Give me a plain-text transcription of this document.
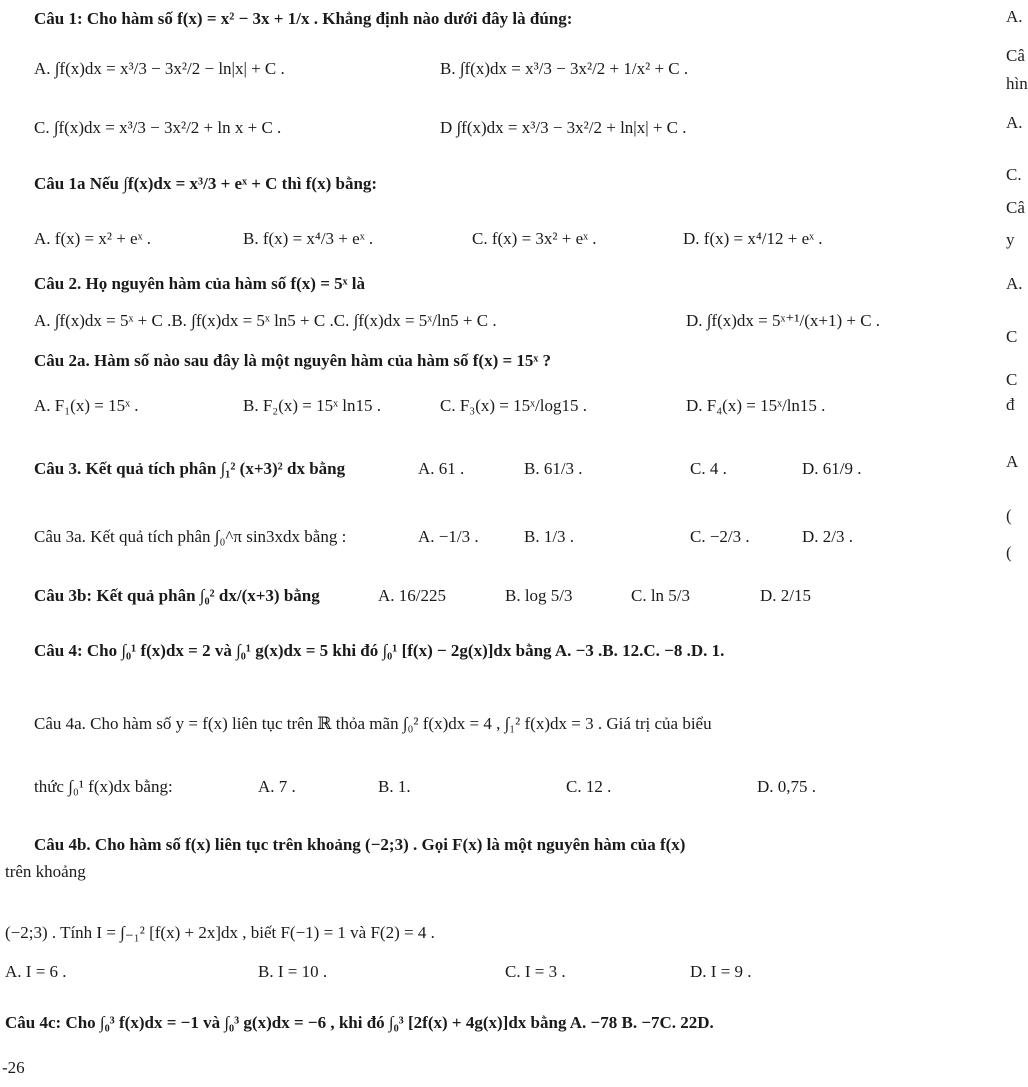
Câu 1: Cho hàm số f(x) = x² − 3x + 1/x . Khẳng định nào dưới đây là đúng:
A. ∫f(x)dx = x³/3 − 3x²/2 − ln|x| + C .	B. ∫f(x)dx = x³/3 − 3x²/2 + 1/x² + C .
C. ∫f(x)dx = x³/3 − 3x²/2 + ln x + C .	D ∫f(x)dx = x³/3 − 3x²/2 + ln|x| + C .
Câu 1a Nếu ∫f(x)dx = x³/3 + eˣ + C thì f(x) bằng:
A. f(x) = x² + eˣ .	B. f(x) = x⁴/3 + eˣ .	C. f(x) = 3x² + eˣ .	D. f(x) = x⁴/12 + eˣ .
Câu 2. Họ nguyên hàm của hàm số f(x) = 5ˣ là
A. ∫f(x)dx = 5ˣ + C .B. ∫f(x)dx = 5ˣ ln5 + C .C. ∫f(x)dx = 5ˣ/ln5 + C .	D. ∫f(x)dx = 5ˣ⁺¹/(x+1) + C .
Câu 2a. Hàm số nào sau đây là một nguyên hàm của hàm số f(x) = 15ˣ ?
A. F₁(x) = 15ˣ .	B. F₂(x) = 15ˣ ln15 .	C. F₃(x) = 15ˣ/log15 .	D. F₄(x) = 15ˣ/ln15 .
Câu 3. Kết quả tích phân ∫₁² (x+3)² dx bằng	A. 61 .	B. 61/3 .	C. 4 .	D. 61/9 .
Câu 3a. Kết quả tích phân ∫₀^π sin3xdx bằng :	A. −1/3 .	B. 1/3 .	C. −2/3 .	D. 2/3 .
Câu 3b: Kết quả phân ∫₀² dx/(x+3) bằng	A. 16/225	B. log 5/3	C. ln 5/3	D. 2/15
Câu 4: Cho ∫₀¹ f(x)dx = 2 và ∫₀¹ g(x)dx = 5 khi đó ∫₀¹ [f(x) − 2g(x)]dx bằng A. −3 .B. 12.C. −8 .D. 1.
Câu 4a. Cho hàm số y = f(x) liên tục trên ℝ thỏa mãn ∫₀² f(x)dx = 4 , ∫₁² f(x)dx = 3 . Giá trị của biểu
thức ∫₀¹ f(x)dx bằng:	A. 7 .	B. 1.	C. 12 .	D. 0,75 .
Câu 4b. Cho hàm số f(x) liên tục trên khoảng (−2;3) . Gọi F(x) là một nguyên hàm của f(x)
trên khoảng
(−2;3) . Tính I = ∫₋₁² [f(x) + 2x]dx , biết F(−1) = 1 và F(2) = 4 .
A. I = 6 .	B. I = 10 .	C. I = 3 .	D. I = 9 .
Câu 4c: Cho ∫₀³ f(x)dx = −1 và ∫₀³ g(x)dx = −6 , khi đó ∫₀³ [2f(x) + 4g(x)]dx bằng A. −78 B. −7C. 22D.
-26
A.
Câ
hìn
A.
C.
Câ
y
A.
C
C
đ
A
(
(
